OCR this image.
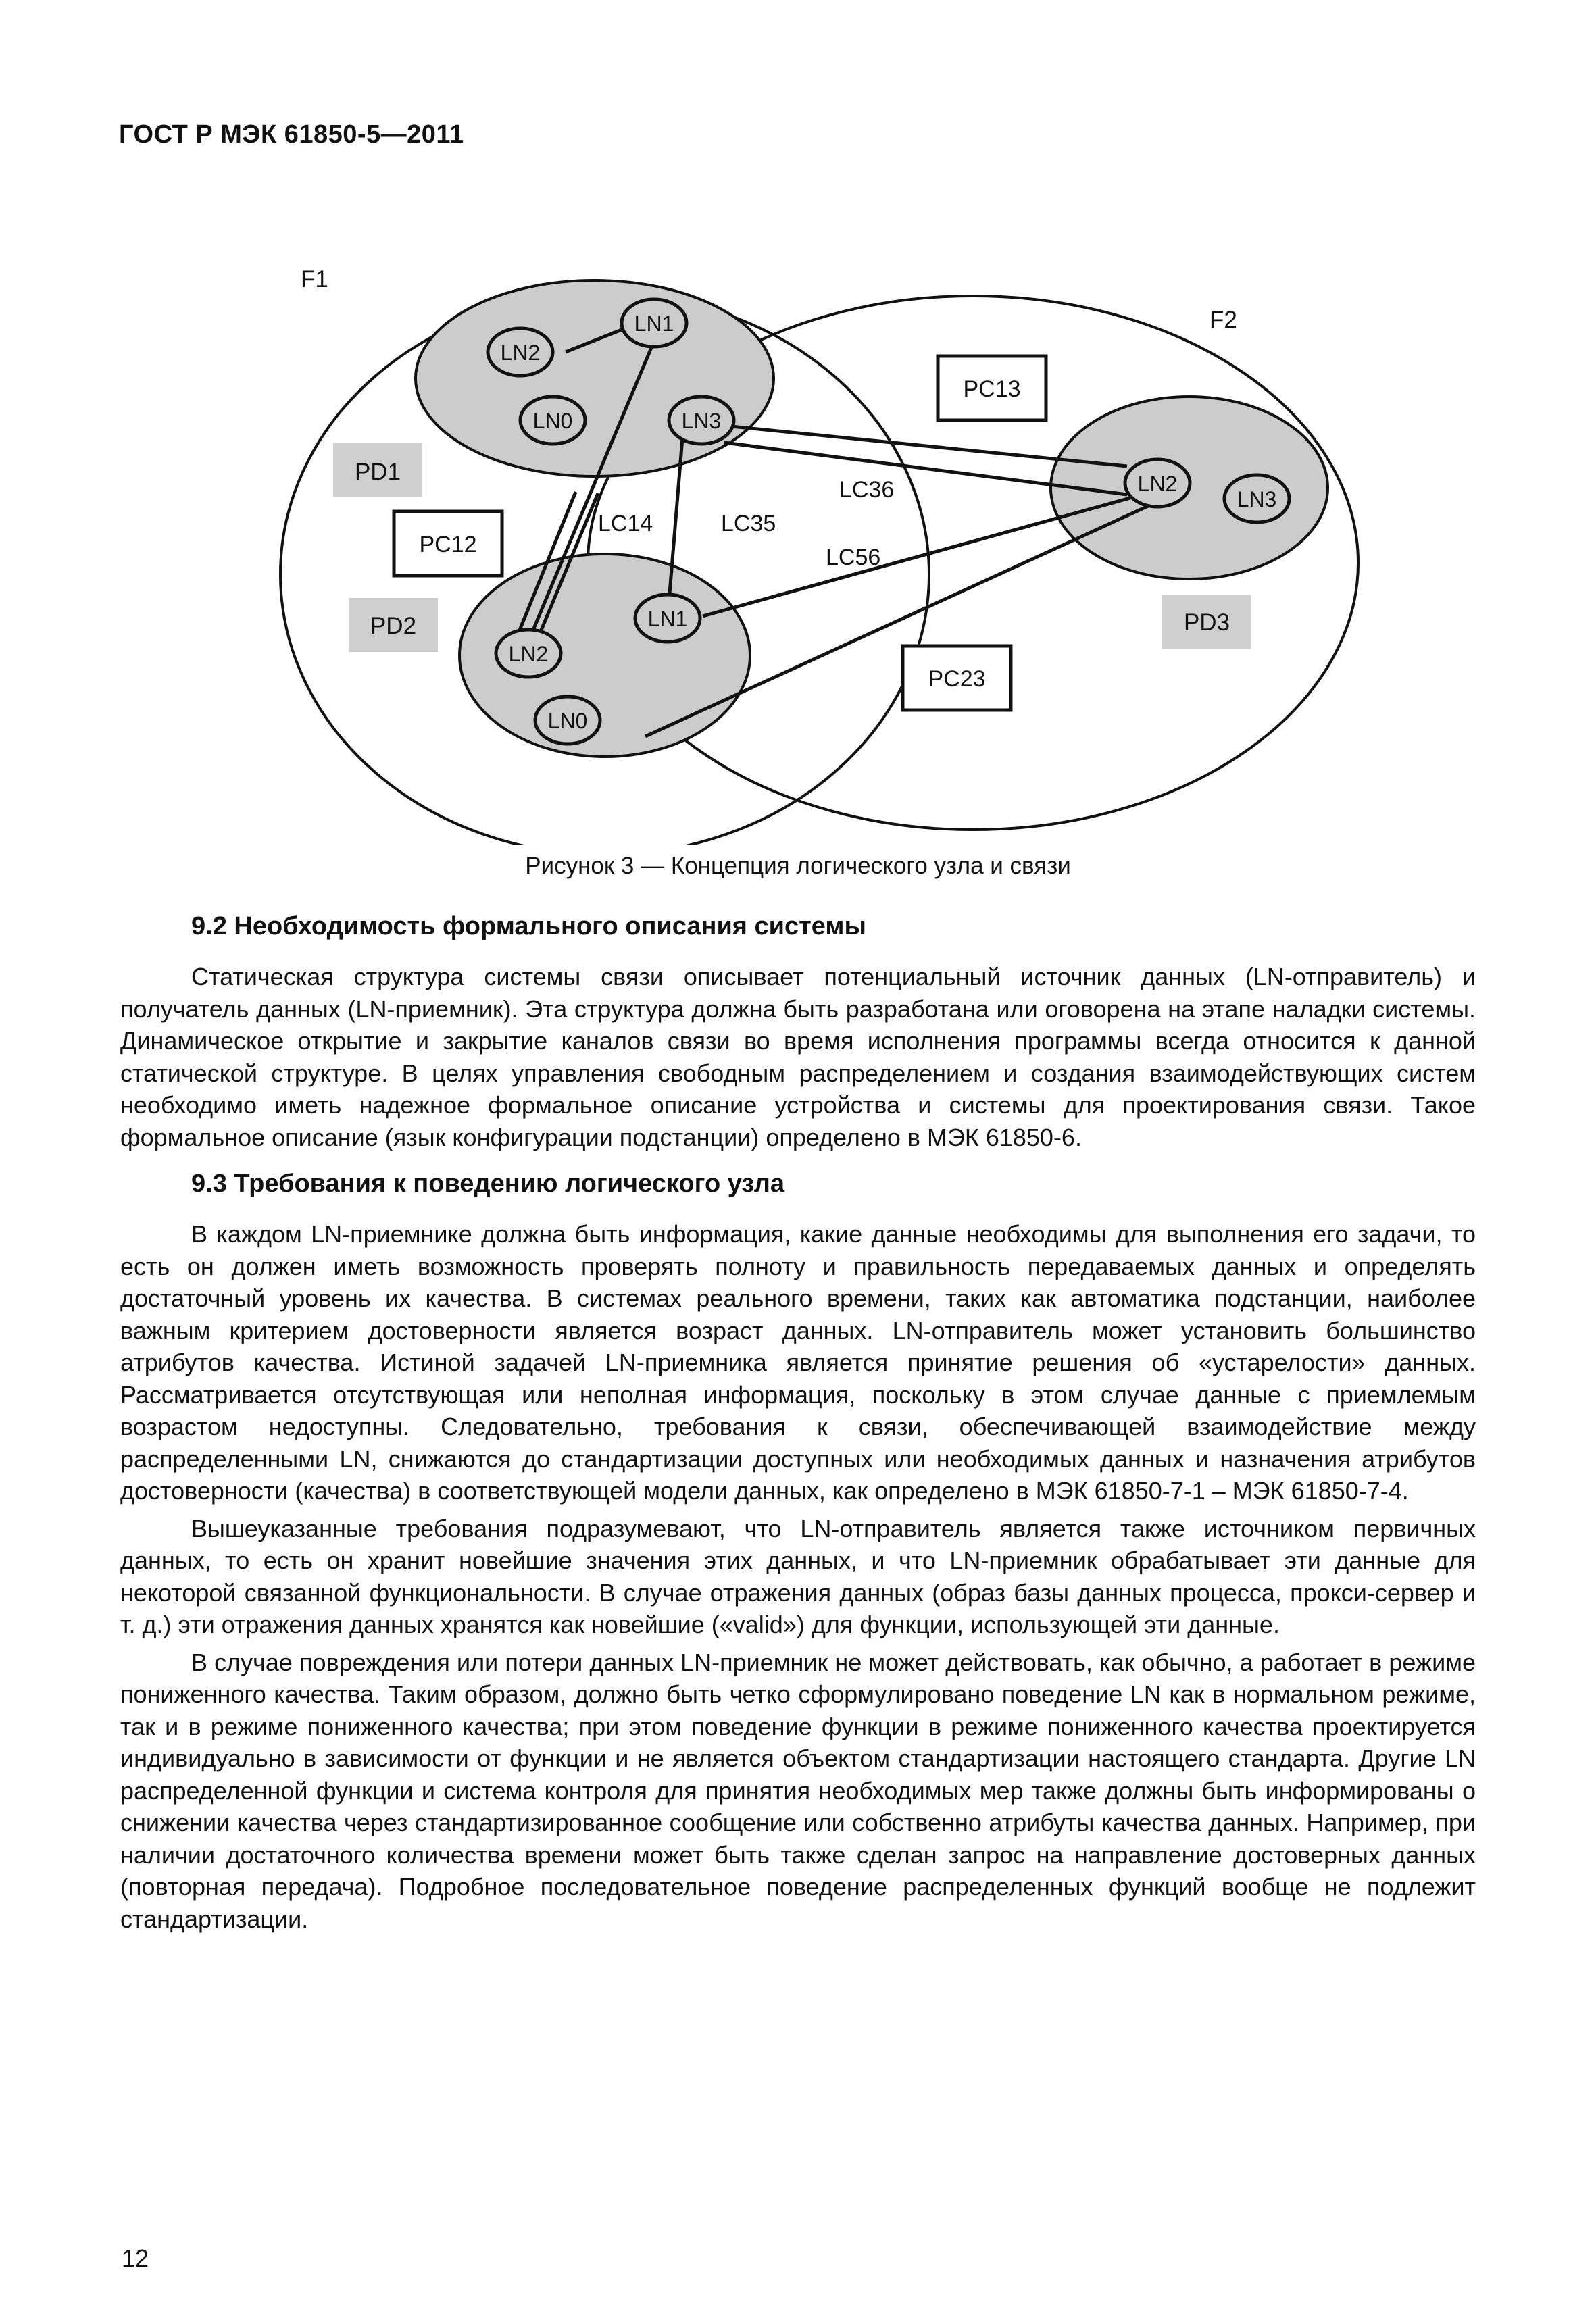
ГОСТ Р МЭК 61850-5—2011
PD1
PD2	PD3
PC12
PC13
PC23
LN1
LN2
LN0	LN3
LN1
LN2
LN0
LN2
LN3
F1
F2
LC14	LC35
LC36
LC56
Рисунок 3 — Концепция логического узла и связи
9.2 Необходимость формального описания системы

Статическая структура системы связи описывает потенциальный источник данных (LN-отправитель) и получатель данных (LN-приемник). Эта структура должна быть разработана или оговорена на этапе наладки системы. Динамическое открытие и закрытие каналов связи во время исполнения программы всегда относится к данной статической структуре. В целях управления свободным распределением и создания взаимодействующих систем необходимо иметь надежное формальное описание устройства и системы для проектирования связи. Такое формальное описание (язык конфигурации подстанции) определено в МЭК 61850-6.

9.3 Требования к поведению логического узла

В каждом LN-приемнике должна быть информация, какие данные необходимы для выполнения его задачи, то есть он должен иметь возможность проверять полноту и правильность передаваемых данных и определять достаточный уровень их качества. В системах реального времени, таких как автоматика подстанции, наиболее важным критерием достоверности является возраст данных. LN-отправитель может установить большинство атрибутов качества. Истиной задачей LN-приемника является принятие решения об «устарелости» данных. Рассматривается отсутствующая или неполная информация, поскольку в этом случае данные с приемлемым возрастом недоступны. Следовательно, требования к связи, обеспечивающей взаимодействие между распределенными LN, снижаются до стандартизации доступных или необходимых данных и назначения атрибутов достоверности (качества) в соответствующей модели данных, как определено в МЭК 61850-7-1 – МЭК 61850-7-4.

Вышеуказанные требования подразумевают, что LN-отправитель является также источником первичных данных, то есть он хранит новейшие значения этих данных, и что LN-приемник обрабатывает эти данные для некоторой связанной функциональности. В случае отражения данных (образ базы данных процесса, прокси-сервер и т. д.) эти отражения данных хранятся как новейшие («valid») для функции, использующей эти данные.

В случае повреждения или потери данных LN-приемник не может действовать, как обычно, а работает в режиме пониженного качества. Таким образом, должно быть четко сформулировано поведение LN как в нормальном режиме, так и в режиме пониженного качества; при этом поведение функции в режиме пониженного качества проектируется индивидуально в зависимости от функции и не является объектом стандартизации настоящего стандарта. Другие LN распределенной функции и система контроля для принятия необходимых мер также должны быть информированы о снижении качества через стандартизированное сообщение или собственно атрибуты качества данных. Например, при наличии достаточного количества времени может быть также сделан запрос на направление достоверных данных (повторная передача). Подробное последовательное поведение распределенных функций вообще не подлежит стандартизации.

12
